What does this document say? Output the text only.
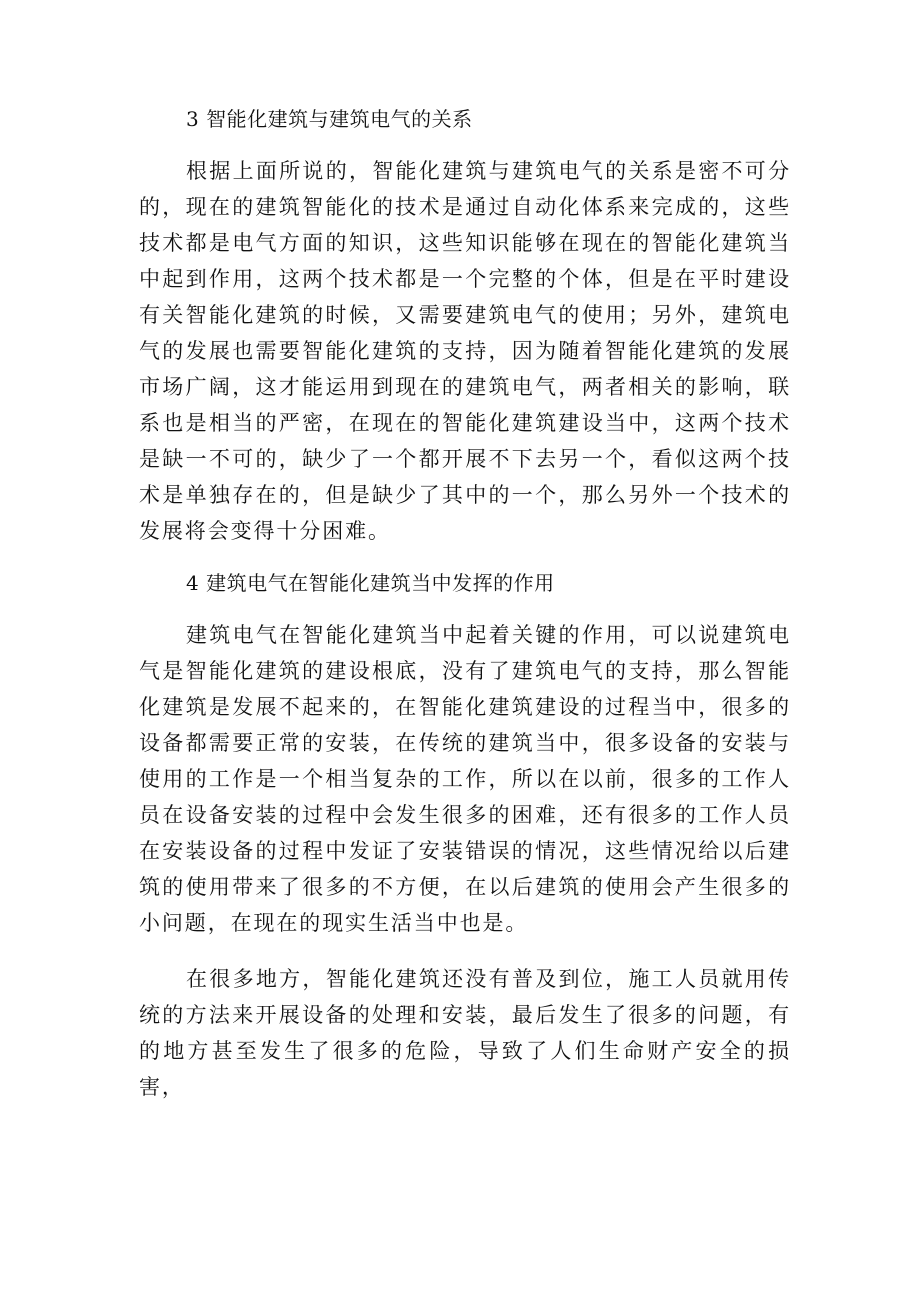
3 智能化建筑与建筑电气的关系

根据上面所说的，智能化建筑与建筑电气的关系是密不可分的，现在的建筑智能化的技术是通过自动化体系来完成的，这些技术都是电气方面的知识，这些知识能够在现在的智能化建筑当中起到作用，这两个技术都是一个完整的个体，但是在平时建设有关智能化建筑的时候，又需要建筑电气的使用；另外，建筑电气的发展也需要智能化建筑的支持，因为随着智能化建筑的发展市场广阔，这才能运用到现在的建筑电气，两者相关的影响，联系也是相当的严密，在现在的智能化建筑建设当中，这两个技术是缺一不可的，缺少了一个都开展不下去另一个，看似这两个技术是单独存在的，但是缺少了其中的一个，那么另外一个技术的发展将会变得十分困难。

4 建筑电气在智能化建筑当中发挥的作用

建筑电气在智能化建筑当中起着关键的作用，可以说建筑电气是智能化建筑的建设根底，没有了建筑电气的支持，那么智能化建筑是发展不起来的，在智能化建筑建设的过程当中，很多的设备都需要正常的安装，在传统的建筑当中，很多设备的安装与使用的工作是一个相当复杂的工作，所以在以前，很多的工作人员在设备安装的过程中会发生很多的困难，还有很多的工作人员在安装设备的过程中发证了安装错误的情况，这些情况给以后建筑的使用带来了很多的不方便，在以后建筑的使用会产生很多的小问题，在现在的现实生活当中也是。

在很多地方，智能化建筑还没有普及到位，施工人员就用传统的方法来开展设备的处理和安装，最后发生了很多的问题，有的地方甚至发生了很多的危险，导致了人们生命财产安全的损害，
